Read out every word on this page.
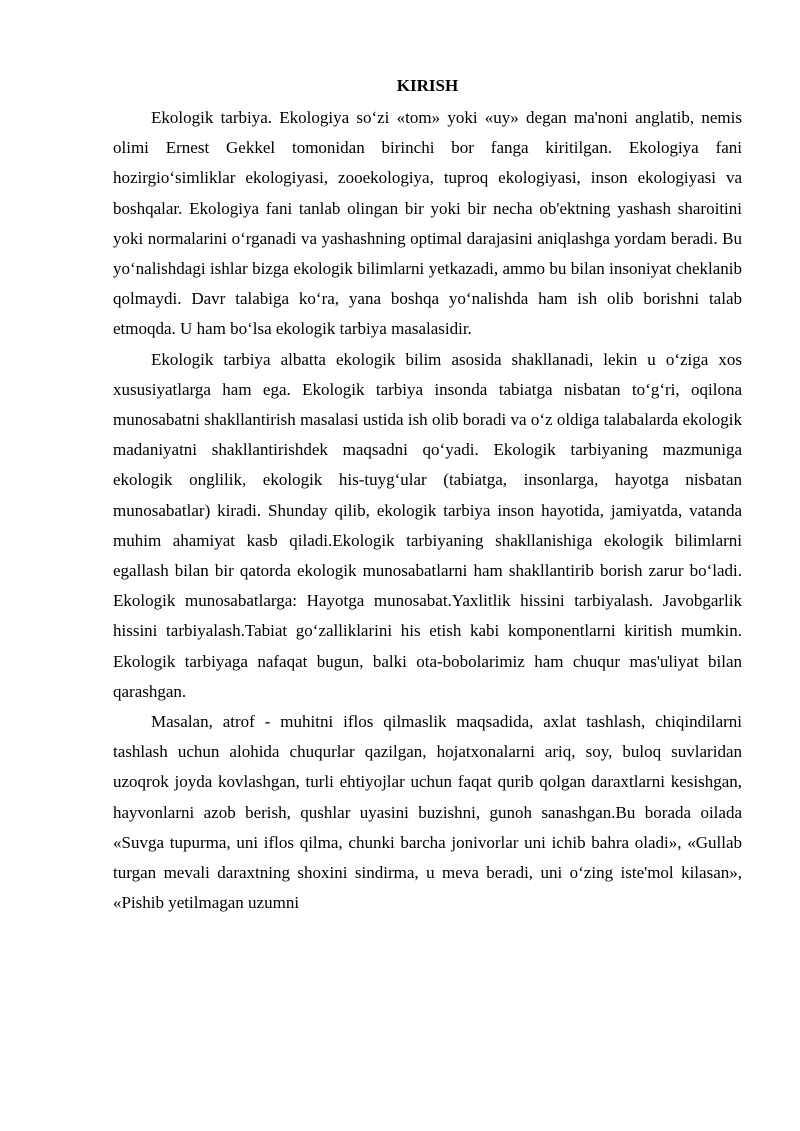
KIRISH

Ekologik tarbiya. Ekologiya so‘zi «tom» yoki «uy» degan ma'noni anglatib, nemis olimi Ernest Gekkel tomonidan birinchi bor fanga kiritilgan. Ekologiya fani hozirgio‘simliklar ekologiyasi, zooekologiya, tuproq ekologiyasi, inson ekologiyasi va boshqalar. Ekologiya fani tanlab olingan bir yoki bir necha ob'ektning yashash sharoitini yoki normalarini o‘rganadi va yashashning optimal darajasini aniqlashga yordam beradi. Bu yo‘nalishdagi ishlar bizga ekologik bilimlarni yetkazadi, ammo bu bilan insoniyat cheklanib qolmaydi. Davr talabiga ko‘ra, yana boshqa yo‘nalishda ham ish olib borishni talab etmoqda. U ham bo‘lsa ekologik tarbiya masalasidir.

Ekologik tarbiya albatta ekologik bilim asosida shakllanadi, lekin u o‘ziga xos xususiyatlarga ham ega. Ekologik tarbiya insonda tabiatga nisbatan to‘g‘ri, oqilona munosabatni shakllantirish masalasi ustida ish olib boradi va o‘z oldiga talabalarda ekologik madaniyatni shakllantirishdek maqsadni qo‘yadi. Ekologik tarbiyaning mazmuniga ekologik onglilik, ekologik his-tuyg‘ular (tabiatga, insonlarga, hayotga nisbatan munosabatlar) kiradi. Shunday qilib, ekologik tarbiya inson hayotida, jamiyatda, vatanda muhim ahamiyat kasb qiladi.Ekologik tarbiyaning shakllanishiga ekologik bilimlarni egallash bilan bir qatorda ekologik munosabatlarni ham shakllantirib borish zarur bo‘ladi. Ekologik munosabatlarga: Hayotga munosabat.Yaxlitlik hissini tarbiyalash. Javobgarlik hissini tarbiyalash.Tabiat go‘zalliklarini his etish kabi komponentlarni kiritish mumkin. Ekologik tarbiyaga nafaqat bugun, balki ota-bobolarimiz ham chuqur mas'uliyat bilan qarashgan.

Masalan, atrof - muhitni iflos qilmaslik maqsadida, axlat tashlash, chiqindilarni tashlash uchun alohida chuqurlar qazilgan, hojatxonalarni ariq, soy, buloq suvlaridan uzoqrok joyda kovlashgan, turli ehtiyojlar uchun faqat qurib qolgan daraxtlarni kesishgan, hayvonlarni azob berish, qushlar uyasini buzishni, gunoh sanashgan.Bu borada oilada «Suvga tupurma, uni iflos qilma, chunki barcha jonivorlar uni ichib bahra oladi», «Gullab turgan mevali daraxtning shoxini sindirma, u meva beradi, uni o‘zing iste'mol kilasan», «Pishib yetilmagan uzumni
